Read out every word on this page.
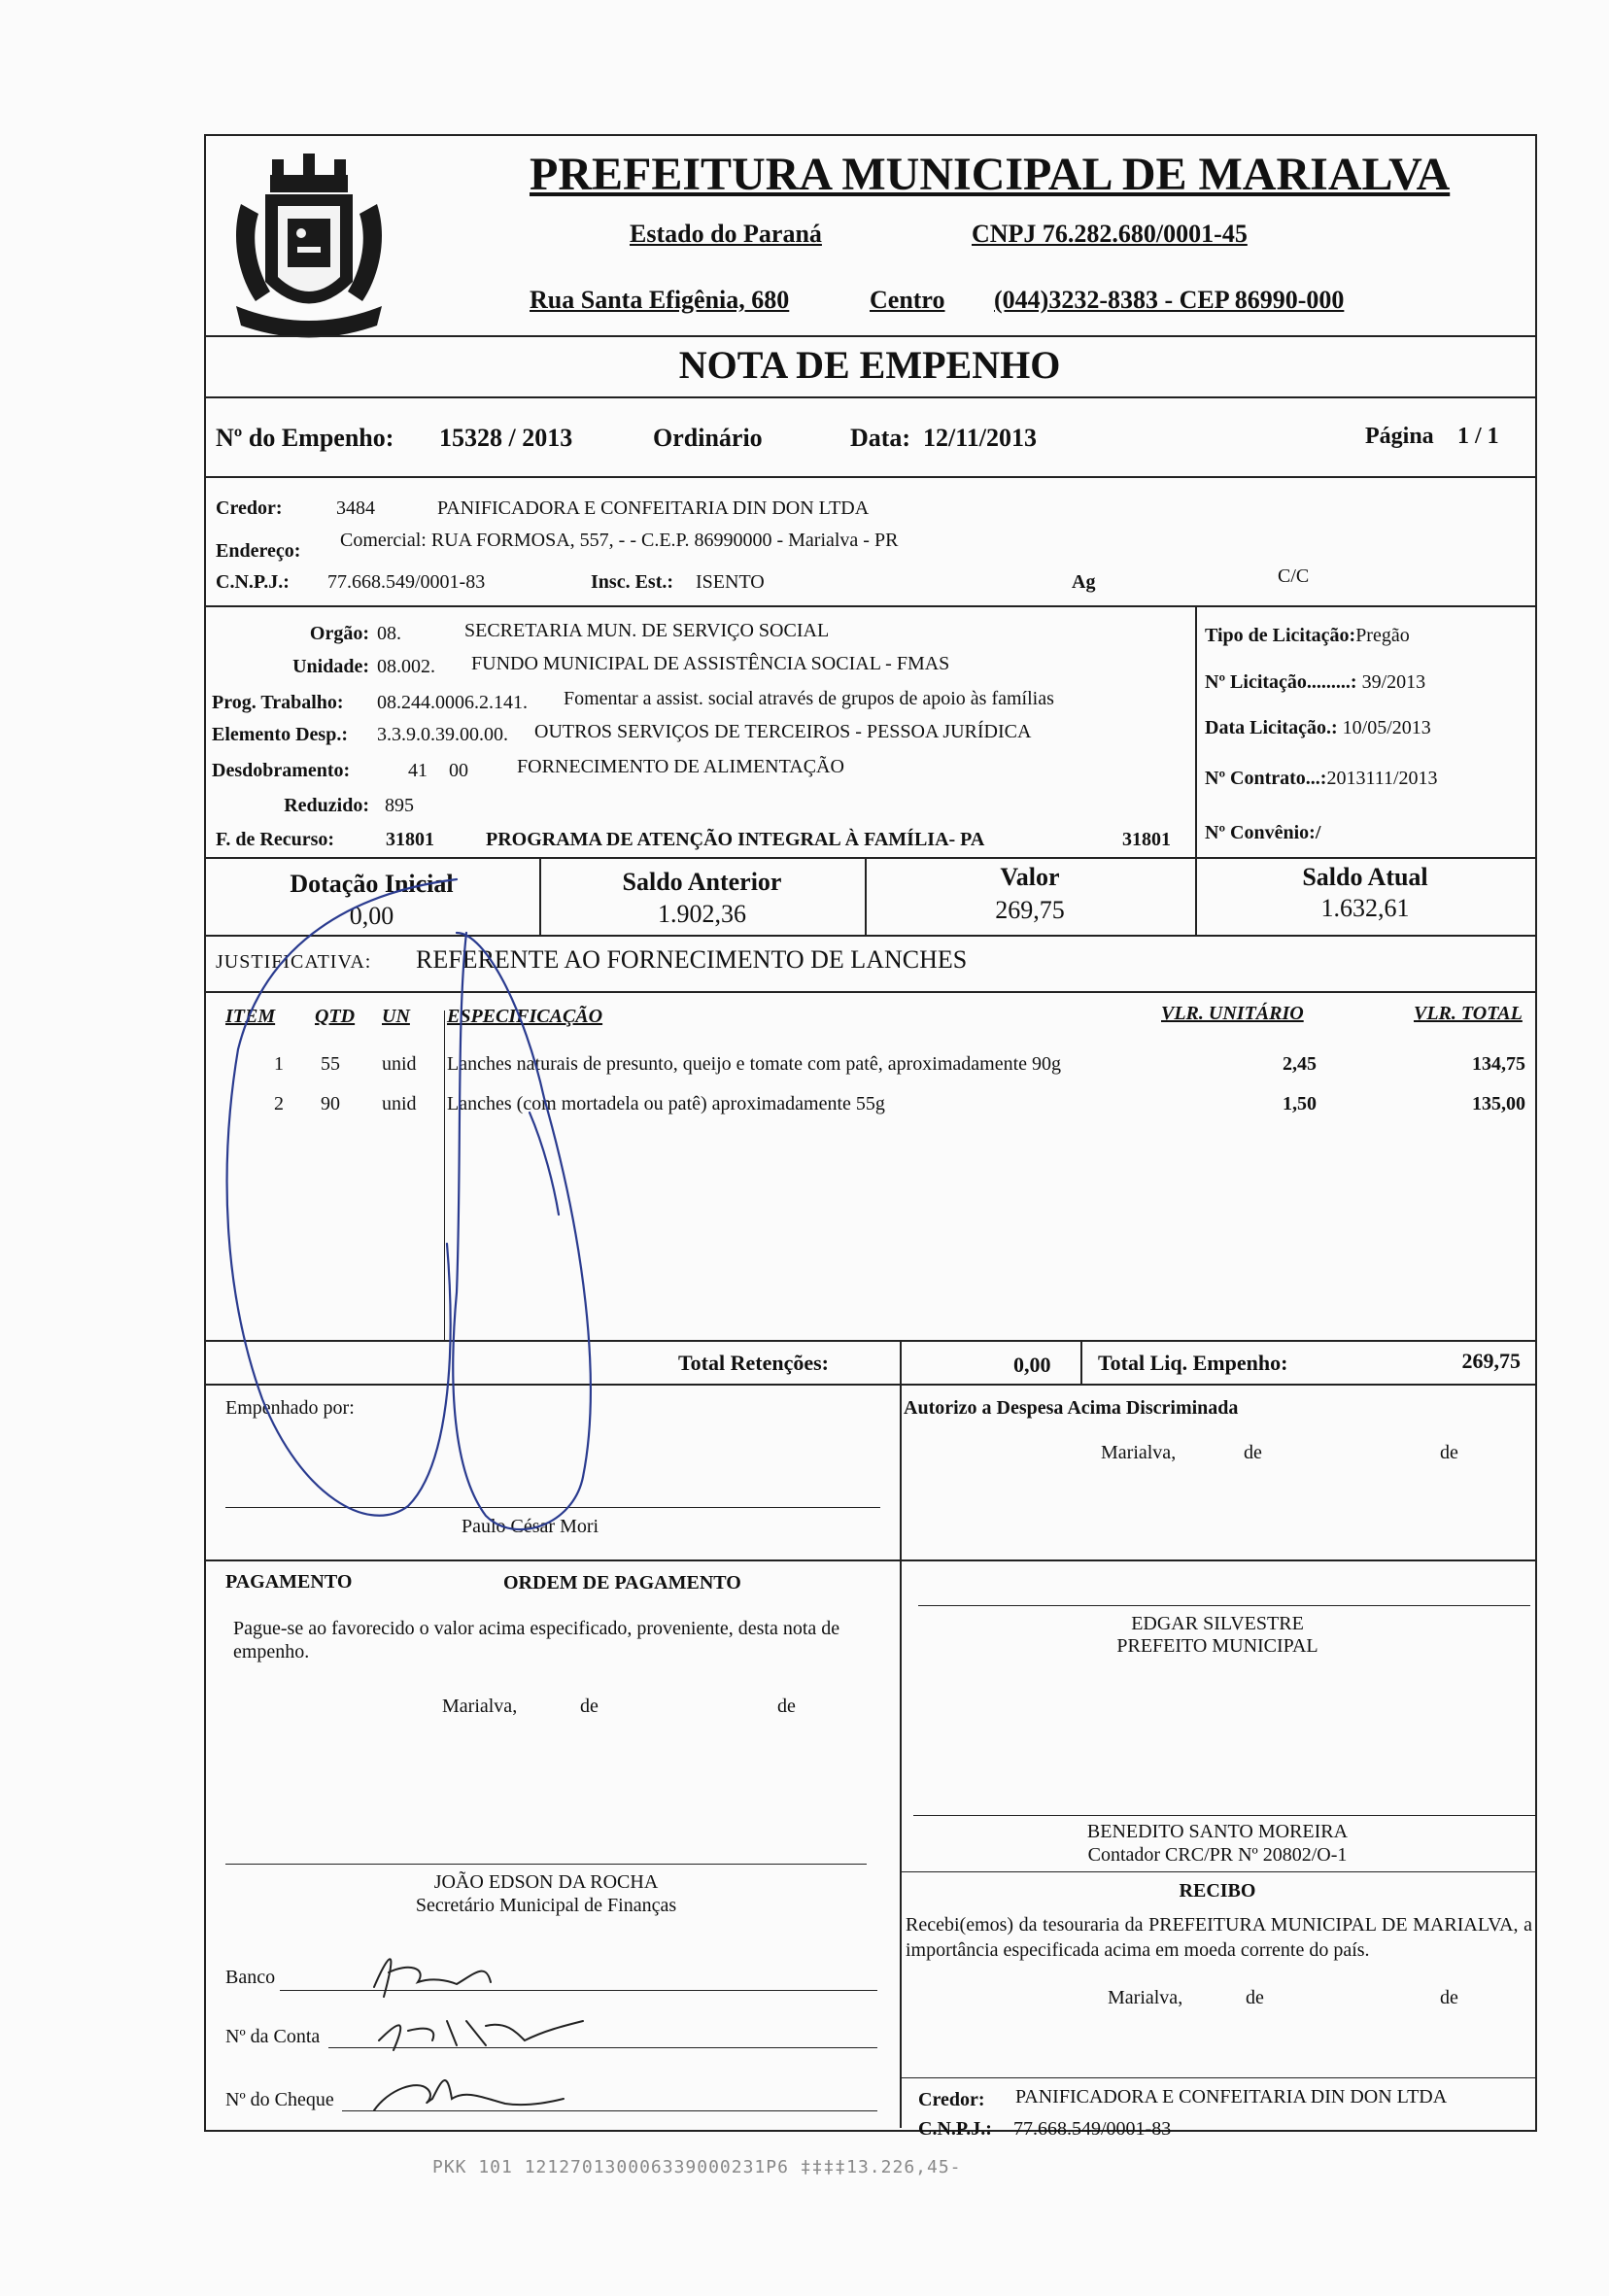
PREFEITURA MUNICIPAL DE MARIALVA
Estado do Paraná	CNPJ 76.282.680/0001-45
Rua Santa Efigênia, 680	Centro (044)3232-8383 - CEP 86990-000
NOTA DE EMPENHO
Nº do Empenho: 15328 / 2013	Ordinário	Data: 12/11/2013	Página 1 / 1
Credor:	3484	PANIFICADORA E CONFEITARIA DIN DON LTDA
Endereço: Comercial: RUA FORMOSA, 557, - - C.E.P. 86990000 - Marialva - PR
C.N.P.J.: 77.668.549/0001-83	Insc. Est.: ISENTO	Ag	C/C
Orgão: 08.	SECRETARIA MUN. DE SERVIÇO SOCIAL
Unidade: 08.002. FUNDO MUNICIPAL DE ASSISTÊNCIA SOCIAL - FMAS
Prog. Trabalho: 08.244.0006.2.141. Fomentar a assist. social através de grupos de apoio às famílias
Elemento Desp.: 3.3.9.0.39.00.00. OUTROS SERVIÇOS DE TERCEIROS - PESSOA JURÍDICA
Desdobramento:	41 00	FORNECIMENTO DE ALIMENTAÇÃO
Reduzido: 895
F. de Recurso:	31801	PROGRAMA DE ATENÇÃO INTEGRAL À FAMÍLIA- PA	31801
Tipo de Licitação:Pregão
Nº Licitação.........: 39/2013
Data Licitação.: 10/05/2013
Nº Contrato...:2013111/2013
Nº Convênio:/
Dotação Inicial
0,00
Saldo Anterior
1.902,36
Valor
269,75
Saldo Atual
1.632,61
JUSTIFICATIVA: REFERENTE AO FORNECIMENTO DE LANCHES
ITEM QTD UN ESPECIFICAÇÃO	VLR. UNITÁRIO	VLR. TOTAL
1 55 unid Lanches naturais de presunto, queijo e tomate com patê, aproximadamente 90g	2,45	134,75
2 90 unid Lanches (com mortadela ou patê) aproximadamente 55g	1,50	135,00
Total Retenções:	0,00 Total Liq. Empenho:	269,75
Empenhado por:
Paulo César Mori
Autorizo a Despesa Acima Discriminada
Marialva,	de	de
PAGAMENTO	ORDEM DE PAGAMENTO
Pague-se ao favorecido o valor acima especificado, proveniente, desta nota de empenho.
Marialva,	de	de
EDGAR SILVESTRE
PREFEITO MUNICIPAL
BENEDITO SANTO MOREIRA
Contador CRC/PR Nº 20802/O-1
RECIBO
Recebi(emos) da tesouraria da PREFEITURA MUNICIPAL DE MARIALVA, a importância especificada acima em moeda corrente do país.
Marialva,	de	de
Credor: PANIFICADORA E CONFEITARIA DIN DON LTDA
C.N.P.J.: 77.668.549/0001-83
JOÃO EDSON DA ROCHA
Secretário Municipal de Finanças
Banco
Nº da Conta
Nº do Cheque
PKK 101 121270130006339000231P6 ‡‡‡‡13.226,45-
